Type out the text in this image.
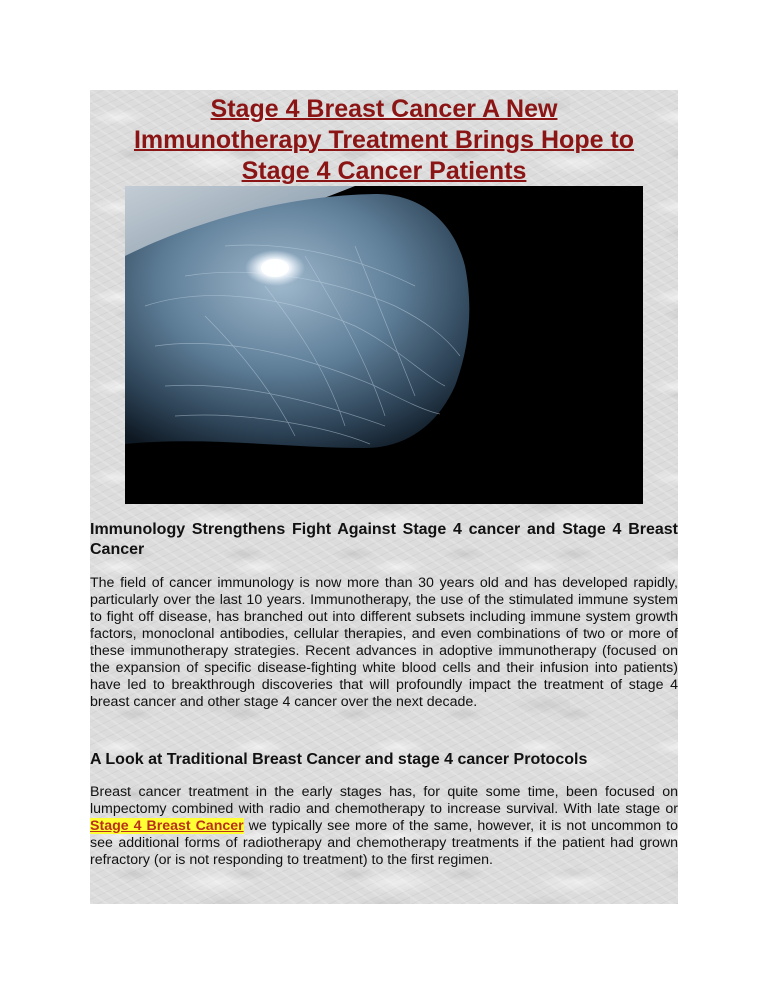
Stage 4 Breast Cancer A New
Immunotherapy Treatment Brings Hope to
Stage 4 Cancer Patients
Immunology Strengthens Fight Against Stage 4 cancer and Stage 4 Breast Cancer
The field of cancer immunology is now more than 30 years old and has developed rapidly, particularly over the last 10 years. Immunotherapy, the use of the stimulated immune system to fight off disease, has branched out into different subsets including immune system growth factors, monoclonal antibodies, cellular therapies, and even combinations of two or more of these immunotherapy strategies. Recent advances in adoptive immunotherapy (focused on the expansion of specific disease-fighting white blood cells and their infusion into patients) have led to breakthrough discoveries that will profoundly impact the treatment of stage 4 breast cancer and other stage 4 cancer over the next decade.
A Look at Traditional Breast Cancer and stage 4 cancer Protocols
Breast cancer treatment in the early stages has, for quite some time, been focused on lumpectomy combined with radio and chemotherapy to increase survival. With late stage or Stage 4 Breast Cancer we typically see more of the same, however, it is not uncommon to see additional forms of radiotherapy and chemotherapy treatments if the patient had grown refractory (or is not responding to treatment) to the first regimen.
